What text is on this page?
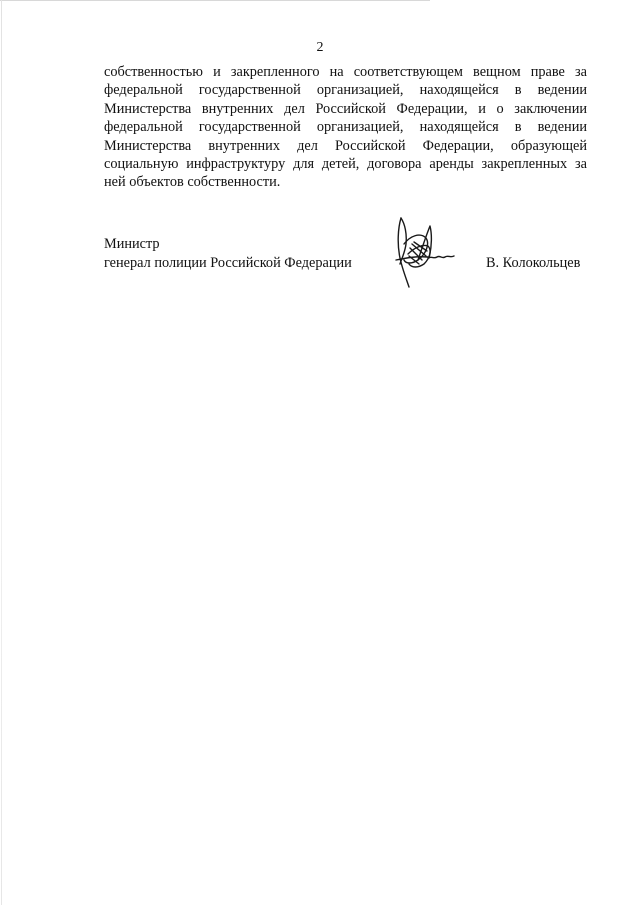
2

собственностью и закрепленного на соответствующем вещном праве за
федеральной государственной организацией, находящейся в ведении
Министерства внутренних дел Российской Федерации, и о заключении
федеральной государственной организацией, находящейся в ведении
Министерства внутренних дел Российской Федерации, образующей
социальную инфраструктуру для детей, договора аренды закрепленных за
ней объектов собственности.

Министр
генерал полиции Российской Федерации	В. Колокольцев
